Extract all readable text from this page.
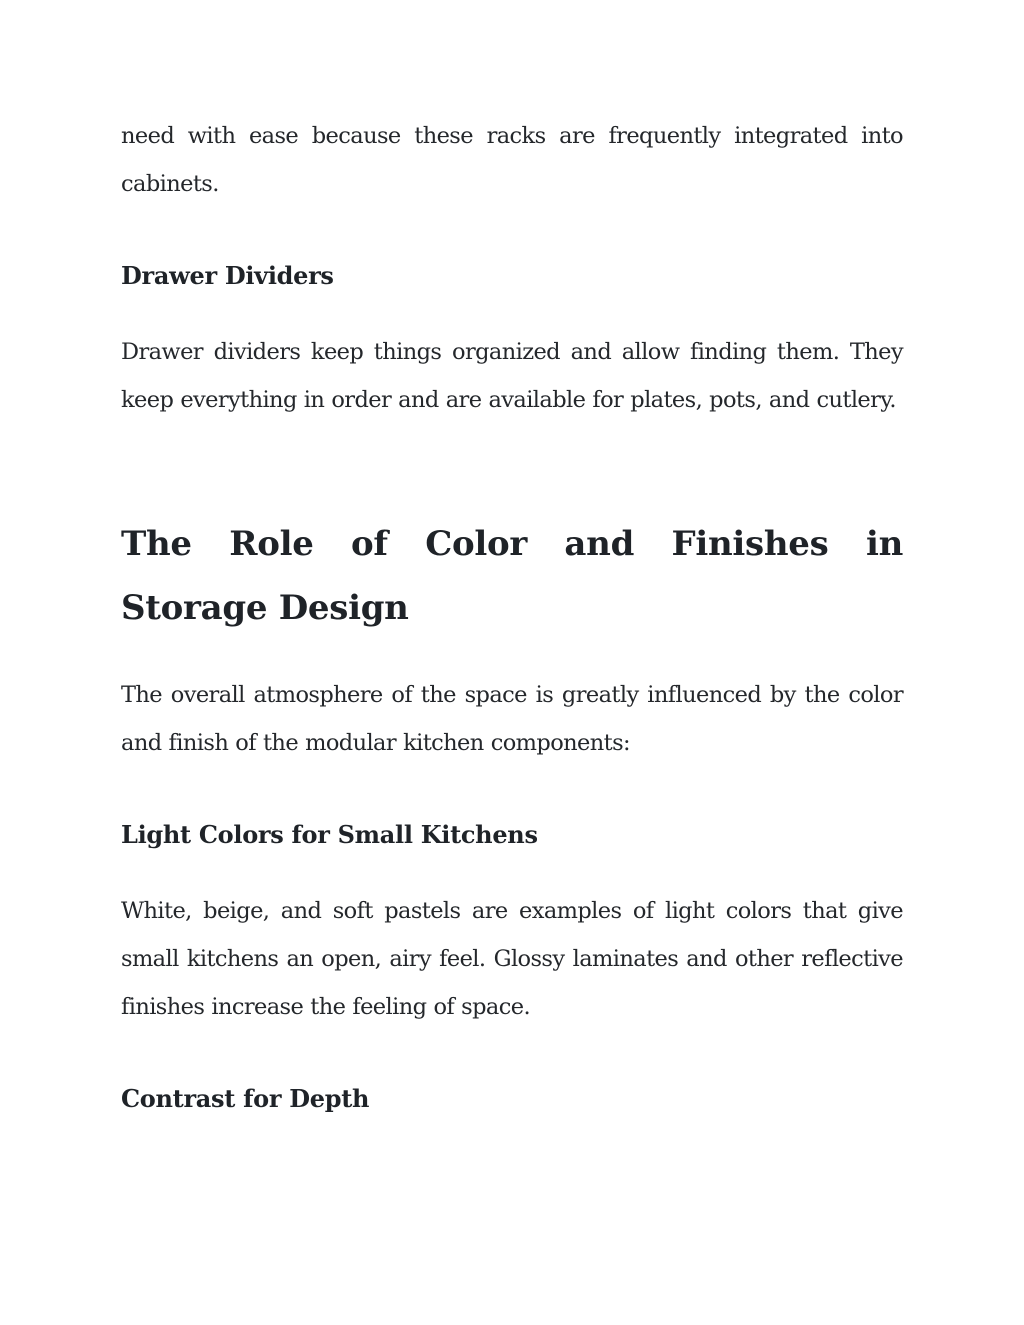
need with ease because these racks are frequently integrated into cabinets.

Drawer Dividers

Drawer dividers keep things organized and allow finding them. They keep everything in order and are available for plates, pots, and cutlery.

The Role of Color and Finishes in Storage Design

The overall atmosphere of the space is greatly influenced by the color and finish of the modular kitchen components:

Light Colors for Small Kitchens

White, beige, and soft pastels are examples of light colors that give small kitchens an open, airy feel. Glossy laminates and other reflective finishes increase the feeling of space.

Contrast for Depth
